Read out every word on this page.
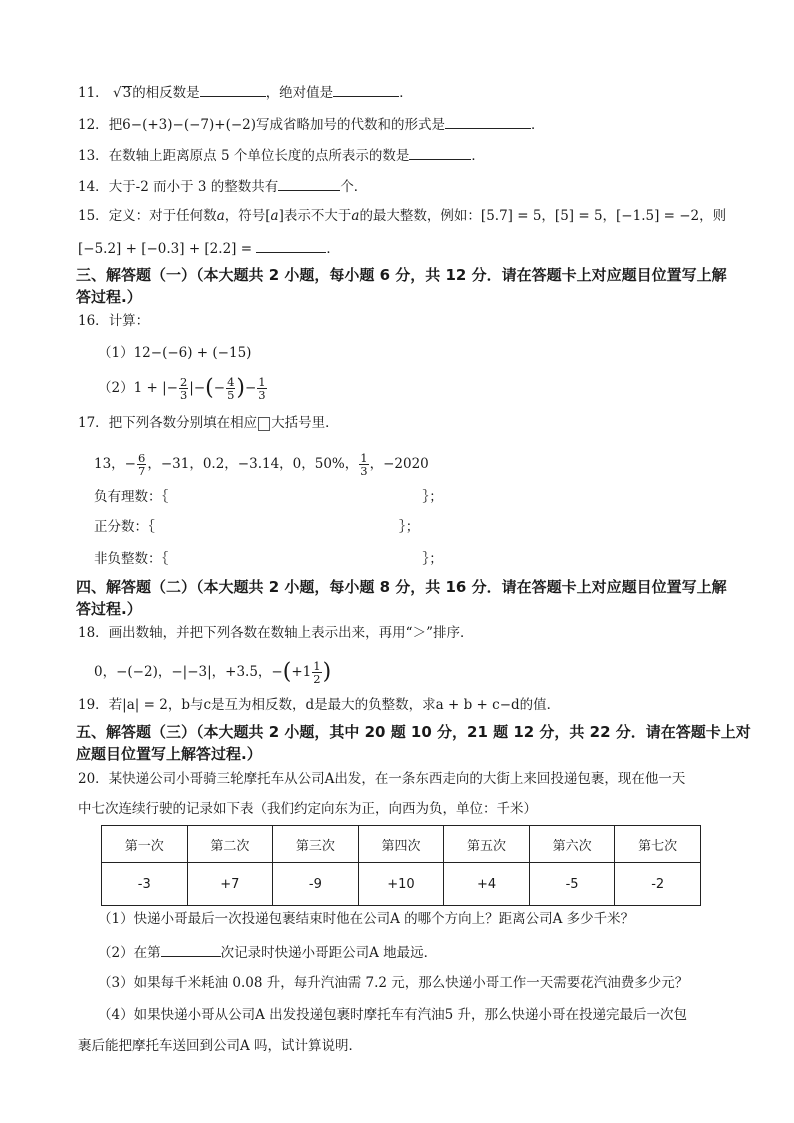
11． √3的相反数是	，绝对值是	．
12．把6−(+3)−(−7)+(−2)写成省略加号的代数和的形式是	．
13．在数轴上距离原点 5 个单位长度的点所表示的数是	．
14．大于-2 而小于 3 的整数共有	个．
15．定义：对于任何数a，符号[a]表示不大于a的最大整数，例如：[5.7] = 5，[5] = 5，[−1.5] = −2，则
[−5.2] + [−0.3] + [2.2] =	．
三、解答题（一）（本大题共 2 小题，每小题 6 分，共 12 分．请在答题卡上对应题目位置写上解
答过程.）
16．计算：
（1）12−(−6) + (−15)
（2）1 + |− $\frac{2}{3}$ |−(− $\frac{4}{5}$ )− $\frac{1}{3}$
17．把下列各数分别填在相应 大括号里．
13，− $\frac{6}{7}$ ，−31，0.2，−3.14，0，50%， $\frac{1}{3}$ ，−2020
负有理数：｛	｝；
正分数：｛	｝；
非负整数：｛	｝；
四、解答题（二）（本大题共 2 小题，每小题 8 分，共 16 分．请在答题卡上对应题目位置写上解
答过程.）
18．画出数轴，并把下列各数在数轴上表示出来，再用“＞”排序．
0，−(−2)，−|−3|，+3.5，$-(+1 \frac{1}{2}$ )
19．若|a| = 2，b与c是互为相反数，d是最大的负整数，求a + b + c−d的值．
五、解答题（三）（本大题共 2 小题，其中 20 题 10 分，21 题 12 分，共 22 分．请在答题卡上对
应题目位置写上解答过程.）
20．某快递公司小哥骑三轮摩托车从公司A出发，在一条东西走向的大街上来回投递包裹，现在他一天
中七次连续行驶的记录如下表（我们约定向东为正，向西为负，单位：千米）
第一次	第二次	第三次	第四次	第五次	第六次	第七次
-3	+7	-9	+10	+4	-5	-2
（1）快递小哥最后一次投递包裹结束时他在公司A 的哪个方向上？距离公司A 多少千米？
（2）在第	次记录时快递小哥距公司A 地最远．
（3）如果每千米耗油 0.08 升，每升汽油需 7.2 元，那么快递小哥工作一天需要花汽油费多少元？
（4）如果快递小哥从公司A 出发投递包裹时摩托车有汽油5 升，那么快递小哥在投递完最后一次包
裹后能把摩托车送回到公司A 吗，试计算说明．
